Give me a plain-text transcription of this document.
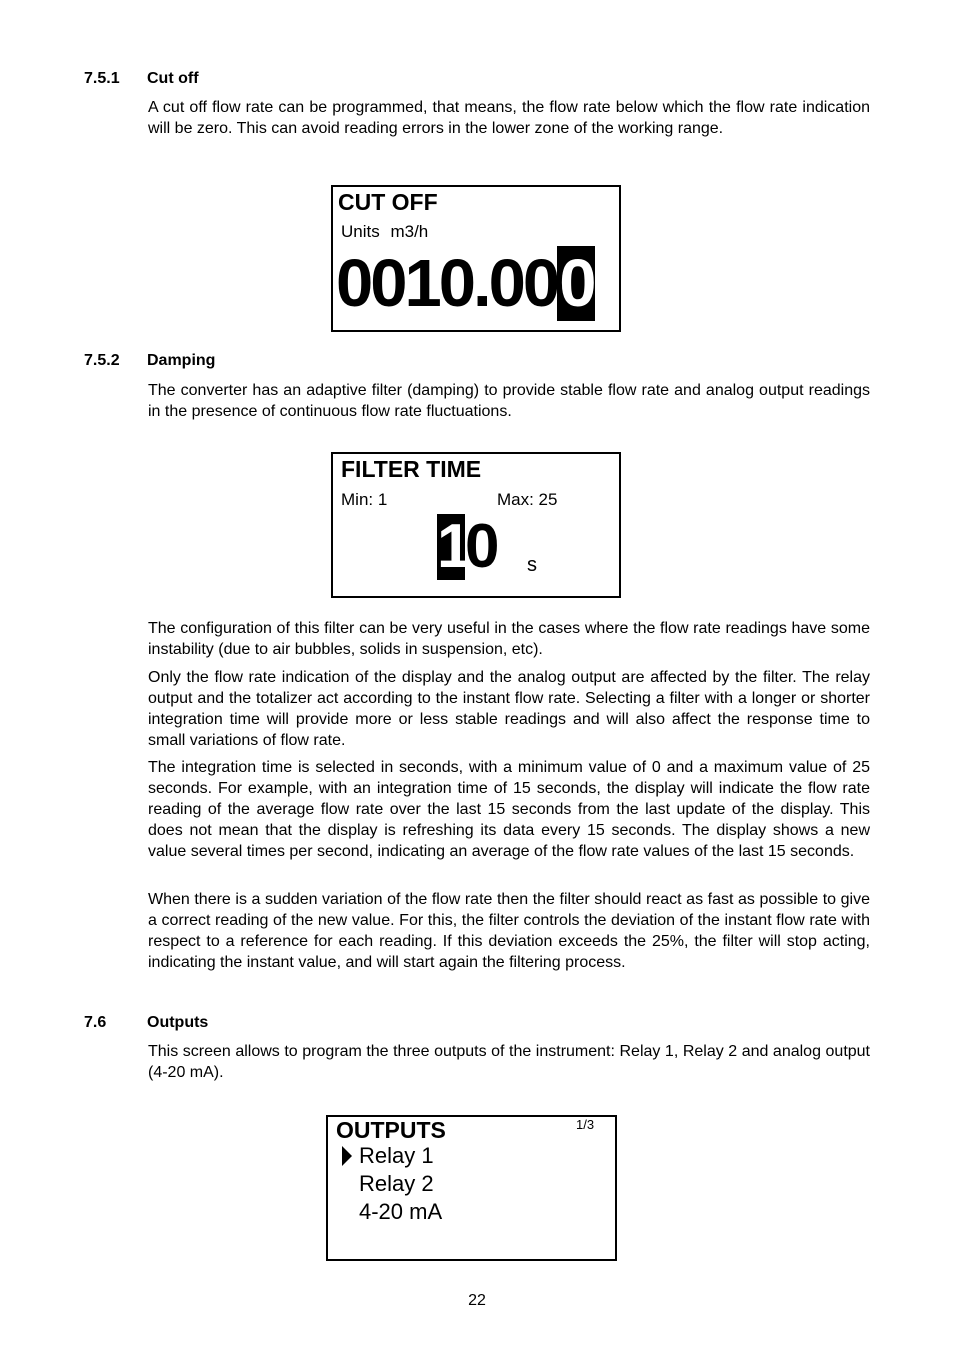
7.5.1 Cut off
A cut off flow rate can be programmed, that means, the flow rate below which the flow rate indication will be zero. This can avoid reading errors in the lower zone of the working range.
CUT OFF
Units m3/h
0010.000
7.5.2 Damping
The converter has an adaptive filter (damping) to provide stable flow rate and analog output readings in the presence of continuous flow rate fluctuations.
FILTER TIME
Min: 1	Max: 25
10 s
The configuration of this filter can be very useful in the cases where the flow rate readings have some instability (due to air bubbles, solids in suspension, etc).
Only the flow rate indication of the display and the analog output are affected by the filter. The relay output and the totalizer act according to the instant flow rate. Selecting a filter with a longer or shorter integration time will provide more or less stable readings and will also affect the response time to small variations of flow rate.
The integration time is selected in seconds, with a minimum value of 0 and a maximum value of 25 seconds. For example, with an integration time of 15 seconds, the display will indicate the flow rate reading of the average flow rate over the last 15 seconds from the last update of the display. This does not mean that the display is refreshing its data every 15 seconds. The display shows a new value several times per second, indicating an average of the flow rate values of the last 15 seconds.
When there is a sudden variation of the flow rate then the filter should react as fast as possible to give a correct reading of the new value. For this, the filter controls the deviation of the instant flow rate with respect to a reference for each reading. If this deviation exceeds the 25%, the filter will stop acting, indicating the instant value, and will start again the filtering process.
7.6	Outputs
This screen allows to program the three outputs of the instrument: Relay 1, Relay 2 and analog output (4-20 mA).
OUTPUTS	1/3
Relay 1
Relay 2
4-20 mA
22
